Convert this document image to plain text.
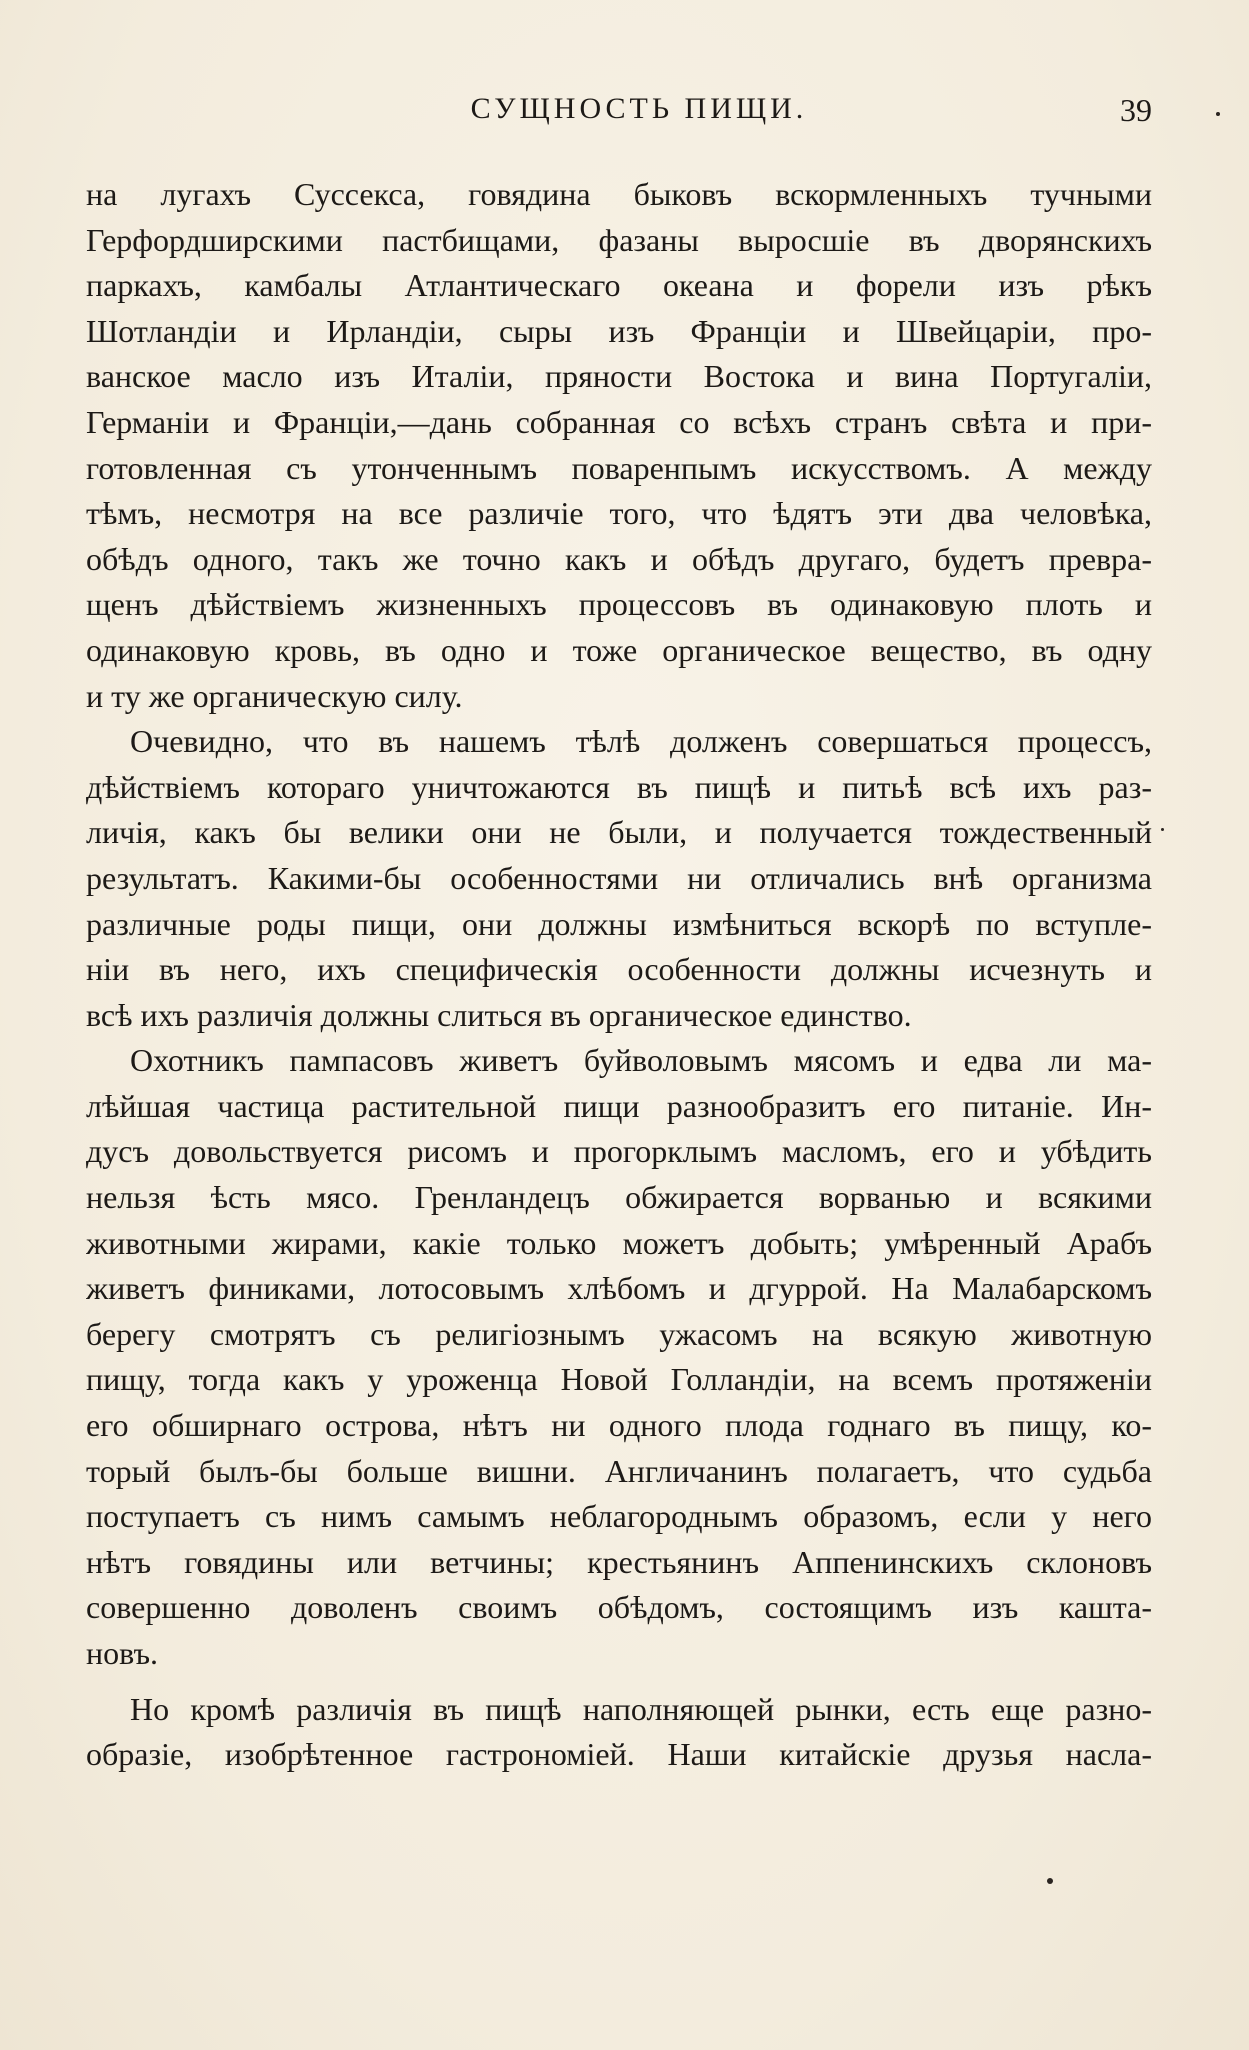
СУЩНОСТЬ ПИЩИ.	39
на лугахъ Суссекса, говядина быковъ вскормленныхъ тучными
Герфордширскими пастбищами, фазаны выросшіе въ дворянскихъ
паркахъ, камбалы Атлантическаго океана и форели изъ рѣкъ
Шотландіи и Ирландіи, сыры изъ Франціи и Швейцаріи, про-
ванское масло изъ Италіи, пряности Востока и вина Португаліи,
Германіи и Франціи,—дань собранная со всѣхъ странъ свѣта и при-
готовленная съ утонченнымъ поваренпымъ искусствомъ. А между
тѣмъ, несмотря на все различіе того, что ѣдятъ эти два человѣка,
обѣдъ одного, такъ же точно какъ и обѣдъ другаго, будетъ превра-
щенъ дѣйствіемъ жизненныхъ процессовъ въ одинаковую плоть и
одинаковую кровь, въ одно и тоже органическое вещество, въ одну
и ту же органическую силу.
Очевидно, что въ нашемъ тѣлѣ долженъ совершаться процессъ,
дѣйствіемъ котораго уничтожаются въ пищѣ и питьѣ всѣ ихъ раз-
личія, какъ бы велики они не были, и получается тождественный
результатъ. Какими-бы особенностями ни отличались внѣ организма
различные роды пищи, они должны измѣниться вскорѣ по вступле-
ніи въ него, ихъ специфическія особенности должны исчезнуть и
всѣ ихъ различія должны слиться въ органическое единство.
Охотникъ пампасовъ живетъ буйволовымъ мясомъ и едва ли ма-
лѣйшая частица растительной пищи разнообразитъ его питаніе. Ин-
дусъ довольствуется рисомъ и прогорклымъ масломъ, его и убѣдить
нельзя ѣсть мясо. Гренландецъ обжирается ворванью и всякими
животными жирами, какіе только можетъ добыть; умѣренный Арабъ
живетъ финиками, лотосовымъ хлѣбомъ и дгуррой. На Малабарскомъ
берегу смотрятъ съ религіознымъ ужасомъ на всякую животную
пищу, тогда какъ у уроженца Новой Голландіи, на всемъ протяженіи
его обширнаго острова, нѣтъ ни одного плода годнаго въ пищу, ко-
торый былъ-бы больше вишни. Англичанинъ полагаетъ, что судьба
поступаетъ съ нимъ самымъ неблагороднымъ образомъ, если у него
нѣтъ говядины или ветчины; крестьянинъ Аппенинскихъ склоновъ
совершенно доволенъ своимъ обѣдомъ, состоящимъ изъ кашта-
новъ.
Но кромѣ различія въ пищѣ наполняющей рынки, есть еще разно-
образіе, изобрѣтенное гастрономіей. Наши китайскіе друзья насла-
